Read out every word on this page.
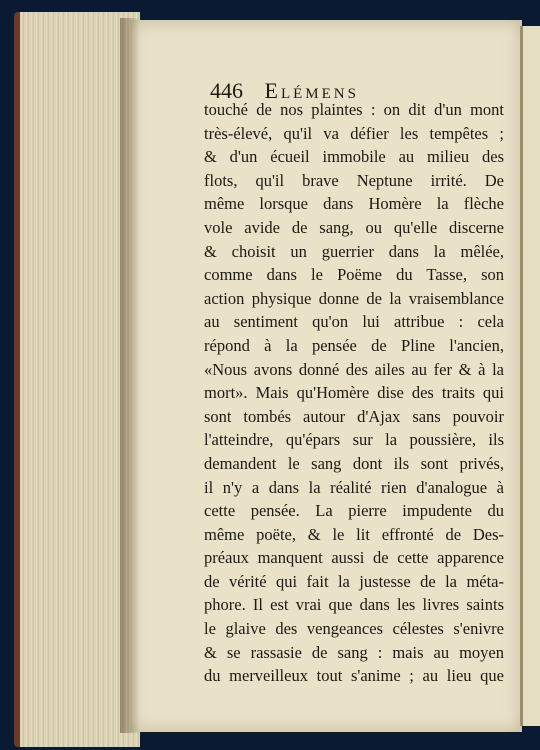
446 Elémens
touché de nos plaintes : on dit d'un mont
très-élevé, qu'il va défier les tempêtes ;
& d'un écueil immobile au milieu des
flots, qu'il brave Neptune irrité. De
même lorsque dans Homère la flèche
vole avide de sang, ou qu'elle discerne
& choisit un guerrier dans la mêlée,
comme dans le Poëme du Tasse, son
action physique donne de la vraisemblance
au sentiment qu'on lui attribue : cela
répond à la pensée de Pline l'ancien,
«Nous avons donné des ailes au fer & à la
mort». Mais qu'Homère dise des traits qui
sont tombés autour d'Ajax sans pouvoir
l'atteindre, qu'épars sur la poussière, ils
demandent le sang dont ils sont privés,
il n'y a dans la réalité rien d'analogue à
cette pensée. La pierre impudente du
même poëte, & le lit effronté de Des-
préaux manquent aussi de cette apparence
de vérité qui fait la justesse de la méta-
phore. Il est vrai que dans les livres saints
le glaive des vengeances célestes s'enivre
& se rassasie de sang : mais au moyen
du merveilleux tout s'anime ; au lieu que
